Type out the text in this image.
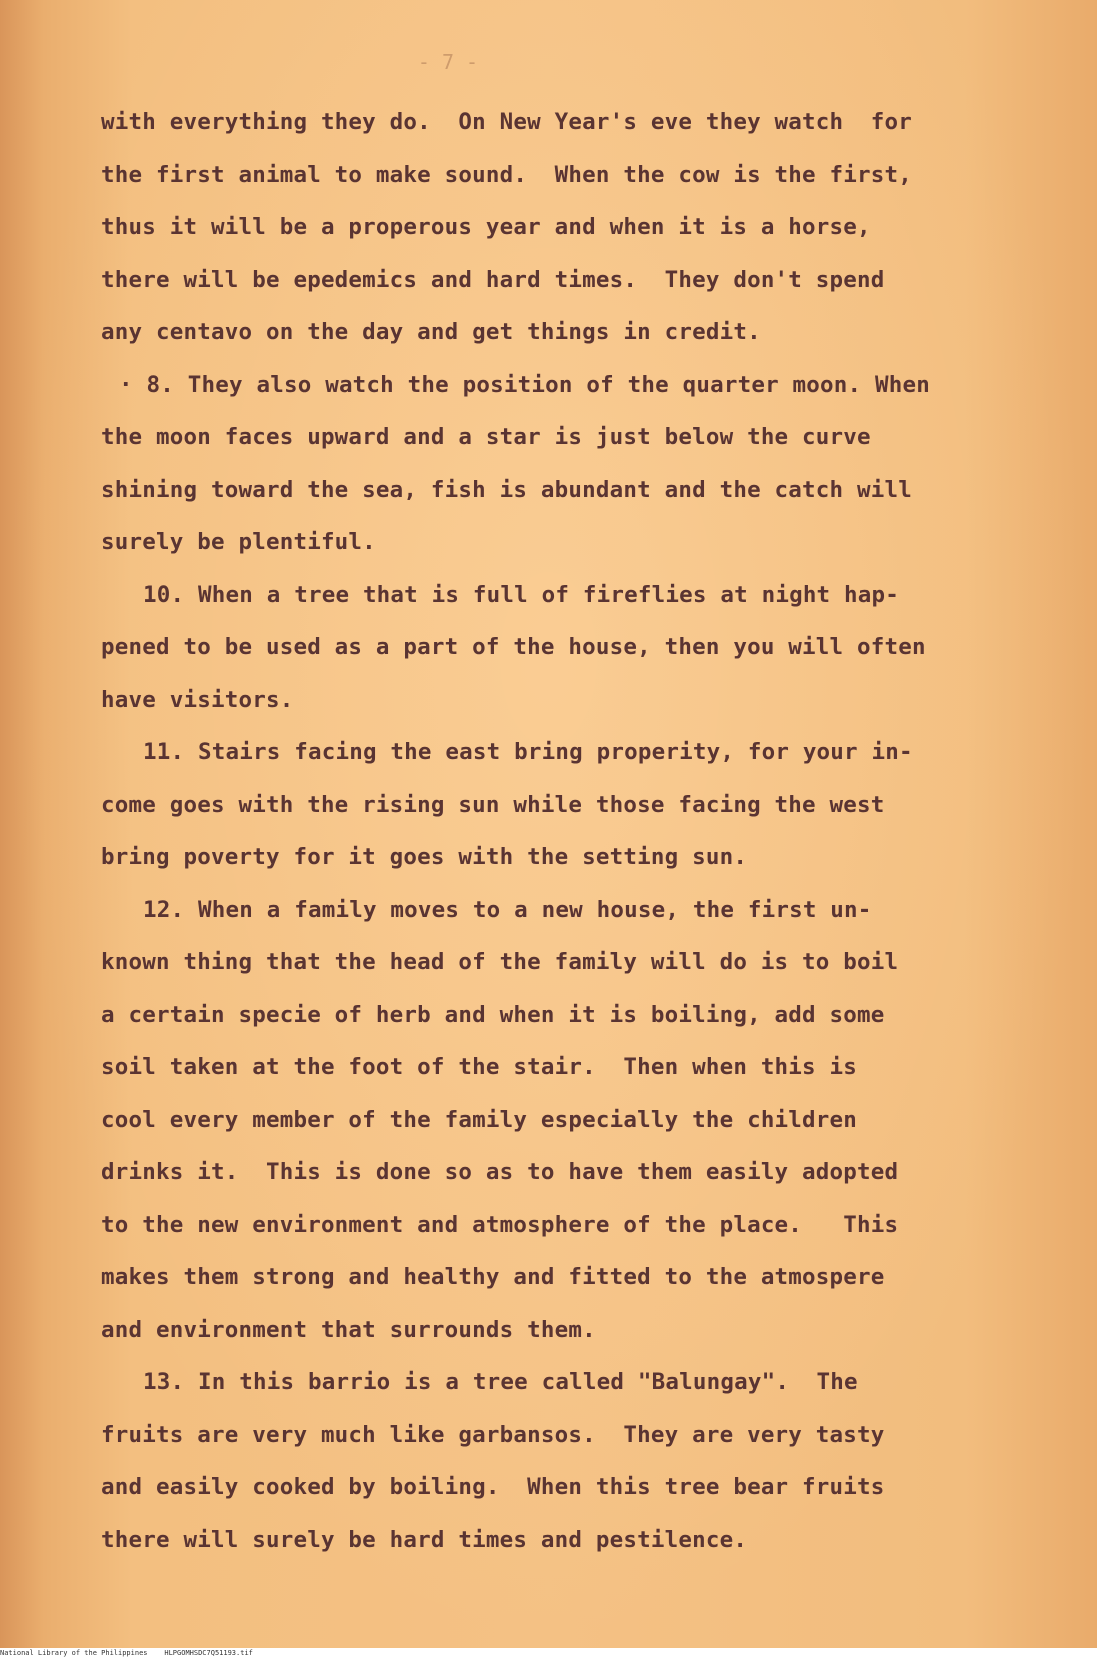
- 7 -
with everything they do.  On New Year's eve they watch  for
the first animal to make sound.  When the cow is the first,
thus it will be a properous year and when it is a horse,
there will be epedemics and hard times.  They don't spend
any centavo on the day and get things in credit.
· 8. They also watch the position of the quarter moon. When
the moon faces upward and a star is just below the curve
shining toward the sea, fish is abundant and the catch will
surely be plentiful.
10. When a tree that is full of fireflies at night hap-
pened to be used as a part of the house, then you will often
have visitors.
11. Stairs facing the east bring properity, for your in-
come goes with the rising sun while those facing the west
bring poverty for it goes with the setting sun.
12. When a family moves to a new house, the first un-
known thing that the head of the family will do is to boil
a certain specie of herb and when it is boiling, add some
soil taken at the foot of the stair.  Then when this is
cool every member of the family especially the children
drinks it.  This is done so as to have them easily adopted
to the new environment and atmosphere of the place.   This
makes them strong and healthy and fitted to the atmospere
and environment that surrounds them.
13. In this barrio is a tree called "Balungay".  The
fruits are very much like garbansos.  They are very tasty
and easily cooked by boiling.  When this tree bear fruits
there will surely be hard times and pestilence.
National Library of the Philippines HLPGOMHSDC7Q51193.tif
